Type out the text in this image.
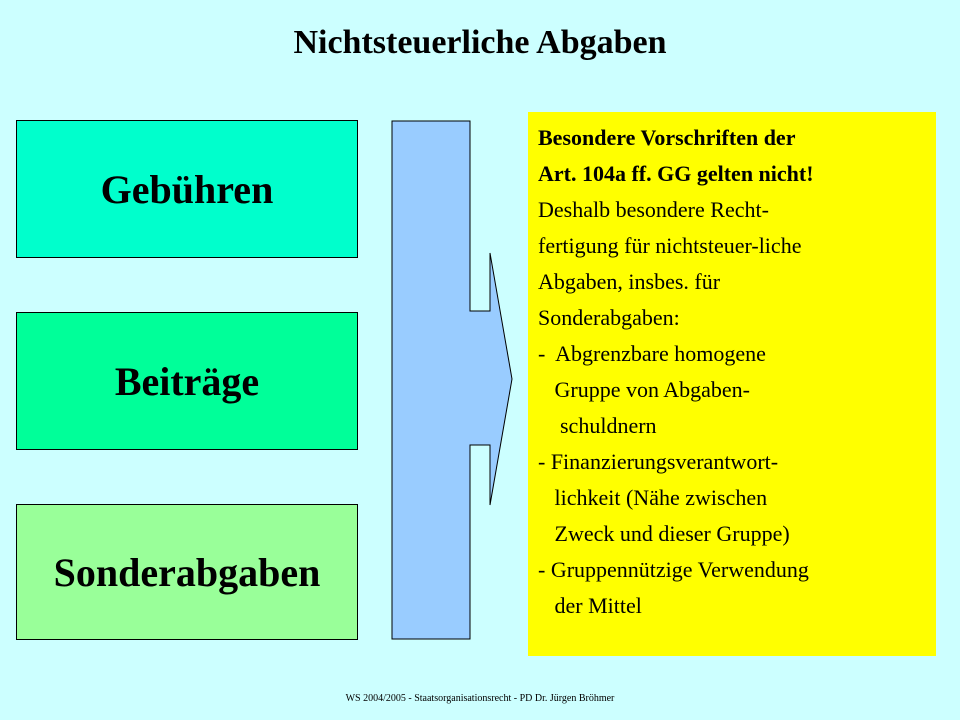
Nichtsteuerliche Abgaben
Gebühren
Beiträge
Sonderabgaben
Besondere Vorschriften der
Art. 104a ff. GG gelten nicht!
Deshalb besondere Recht-
fertigung für nichtsteuer-liche
Abgaben, insbes. für
Sonderabgaben:
-  Abgrenzbare homogene
Gruppe von Abgaben-
schuldnern
- Finanzierungsverantwort-
lichkeit (Nähe zwischen
Zweck und dieser Gruppe)
- Gruppennützige Verwendung
der Mittel
WS 2004/2005 - Staatsorganisationsrecht - PD Dr. Jürgen Bröhmer
